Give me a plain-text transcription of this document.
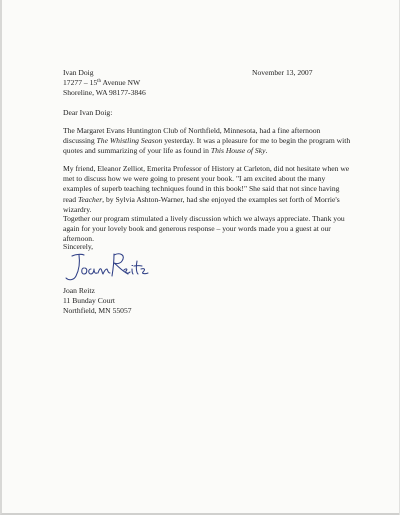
November 13, 2007
Ivan Doig
17277 – 15th Avenue NW
Shoreline, WA 98177-3846
Dear Ivan Doig:

The Margaret Evans Huntington Club of Northfield, Minnesota, had a fine afternoon discussing The Whistling Season yesterday. It was a pleasure for me to begin the program with quotes and summarizing of your life as found in This House of Sky.

My friend, Eleanor Zelliot, Emerita Professor of History at Carleton, did not hesitate when we met to discuss how we were going to present your book. "I am excited about the many examples of superb teaching techniques found in this book!" She said that not since having read Teacher, by Sylvia Ashton-Warner, had she enjoyed the examples set forth of Morrie's wizardry.

Together our program stimulated a lively discussion which we always appreciate. Thank you again for your lovely book and generous response – your words made you a guest at our afternoon.

Sincerely,
Joan Reitz
11 Bunday Court
Northfield, MN 55057
